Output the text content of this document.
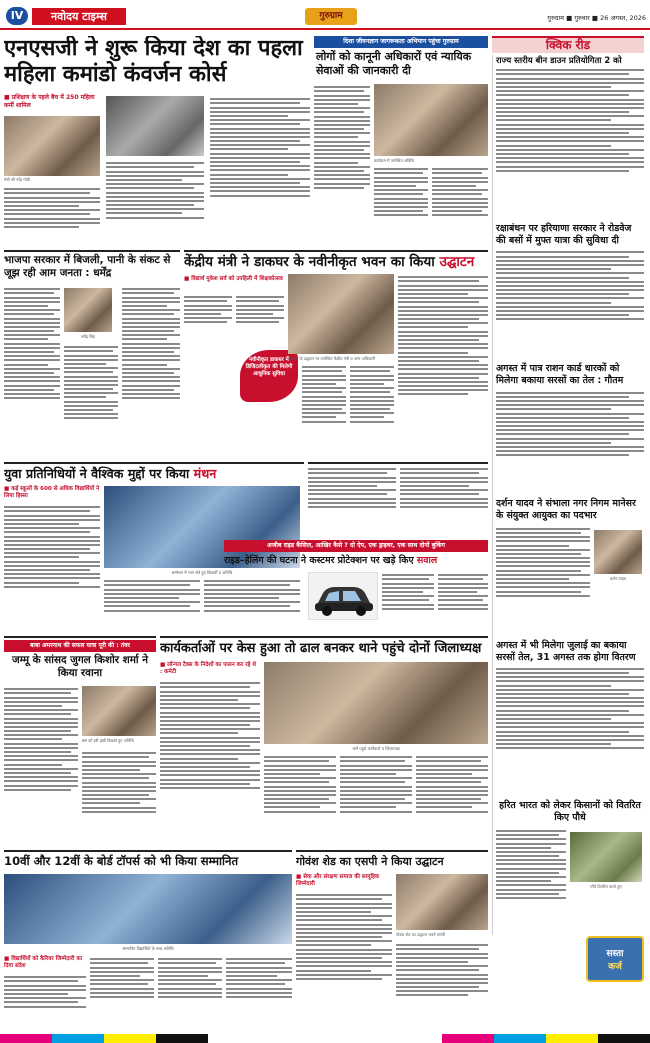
IV	नवोदय टाइम्स	गुरुग्राम	गुरुग्राम ■ गुरुवार ■ 26 अगस्त, 2026
क्विक रीड
एनएसजी ने शुरू किया देश का पहला महिला कमांडो कंवर्जन कोर्स
■ प्रशिक्षण के पहले बैच में 250 महिला कर्मी शामिल
मंत्री श्री नरेंद्र मोदी
दिशा जीवनज्ञान जागरूकता अभियान पहुंचा गुरुग्राम
लोगों को कानूनी अधिकारों एवं न्यायिक सेवाओं की जानकारी दी
कार्यक्रम में उपस्थित अतिथि
राज्य स्तरीय बीन डाउन प्रतियोगिता 2 को
रक्षाबंधन पर हरियाणा सरकार ने रोडवेज की बसों में मुफ्त यात्रा की सुविधा दी
अगस्त में पात्र राशन कार्ड धारकों को मिलेगा बकाया सरसों का तेल : गौतम
दर्शन यादव ने संभाला नगर निगम मानेसर के संयुक्त आयुक्त का पदभार
दर्शन यादव
अगस्त में भी मिलेगा जुलाई का बकाया सरसों तेल, 31 अगस्त तक होगा वितरण
हरित भारत को लेकर किसानों को वितरित किए पौधे
पौधे वितरित करते हुए
भाजपा सरकार में बिजली, पानी के संकट से जूझ रही आम जनता : धर्मेंद्र
धर्मेंद्र सिंह
केंद्रीय मंत्री ने डाकघर के नवीनीकृत भवन का किया उद्घाटन
■ विद्यार्थ मुकेश सर्व को उपहिली में शिक्षकोत्सव
नवीनीकृत डाकघर में डिजिटलीकृत की मिलेगी आधुनिक सुविधा
डाकघर के उद्घाटन पर उपस्थित केंद्रीय मंत्री व अन्य अधिकारी
युवा प्रतिनिधियों ने वैश्विक मुद्दों पर किया मंथन
■ कई स्कूलों के 600 से अधिक विद्यार्थियों ने लिया हिस्सा
सम्मेलन में भाग लेते हुए विद्यार्थी व अतिथि
अजीब राइड कैंसिल, आखिर कैसे ? दो ऐप, एक ड्राइवर, एक साथ दोनों बुकिंग
राइड–हेलिंग की घटना ने कस्टमर प्रोटेक्शन पर खड़े किए सवाल
बाबा अमरनाथ की सफल यात्रा पूरी की : तंवर
जम्मू के सांसद जुगल किशोर शर्मा ने किया रवाना
बस को हरी झंडी दिखाते हुए अतिथि
कार्यकर्ताओं पर केस हुआ तो ढाल बनकर थाने पहुंचे दोनों जिलाध्यक्ष
■ लॉन्गल टैक्स के निदेशों का पालन कर रहे थे : कमेटी
थाने पहुंचे कार्यकर्ता व जिलाध्यक्ष
10वीं और 12वीं के बोर्ड टॉपर्स को भी किया सम्मानित
सम्मानित विद्यार्थियों के साथ अतिथि
■ विद्यार्थियों को कैरियर जिम्मेदारी का दिया संदेश
गोवंश शेड का एसपी ने किया उद्घाटन
■ सेवा और संरक्षण समाज की सामूहिक जिम्मेदारी
गोवंश शेड का उद्घाटन करते एसपी
सस्ता
कर्ज
